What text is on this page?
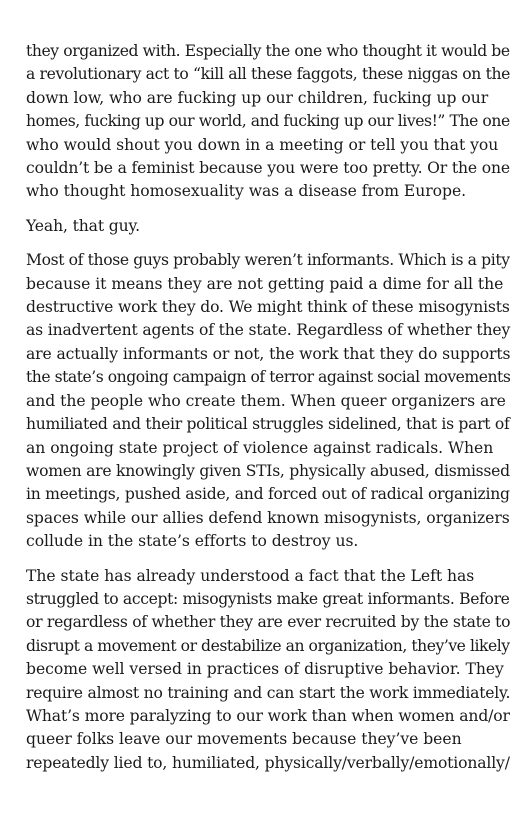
they organized with. Especially the one who thought it would be
a revolutionary act to “kill all these faggots, these niggas on the
down low, who are fucking up our children, fucking up our
homes, fucking up our world, and fucking up our lives!” The one
who would shout you down in a meeting or tell you that you
couldn’t be a feminist because you were too pretty. Or the one
who thought homosexuality was a disease from Europe.
Yeah, that guy.
Most of those guys probably weren’t informants. Which is a pity
because it means they are not getting paid a dime for all the
destructive work they do. We might think of these misogynists
as inadvertent agents of the state. Regardless of whether they
are actually informants or not, the work that they do supports
the state’s ongoing campaign of terror against social movements
and the people who create them. When queer organizers are
humiliated and their political struggles sidelined, that is part of
an ongoing state project of violence against radicals. When
women are knowingly given STIs, physically abused, dismissed
in meetings, pushed aside, and forced out of radical organizing
spaces while our allies defend known misogynists, organizers
collude in the state’s efforts to destroy us.
The state has already understood a fact that the Left has
struggled to accept: misogynists make great informants. Before
or regardless of whether they are ever recruited by the state to
disrupt a movement or destabilize an organization, they’ve likely
become well versed in practices of disruptive behavior. They
require almost no training and can start the work immediately.
What’s more paralyzing to our work than when women and/or
queer folks leave our movements because they’ve been
repeatedly lied to, humiliated, physically/verbally/emotionally/
